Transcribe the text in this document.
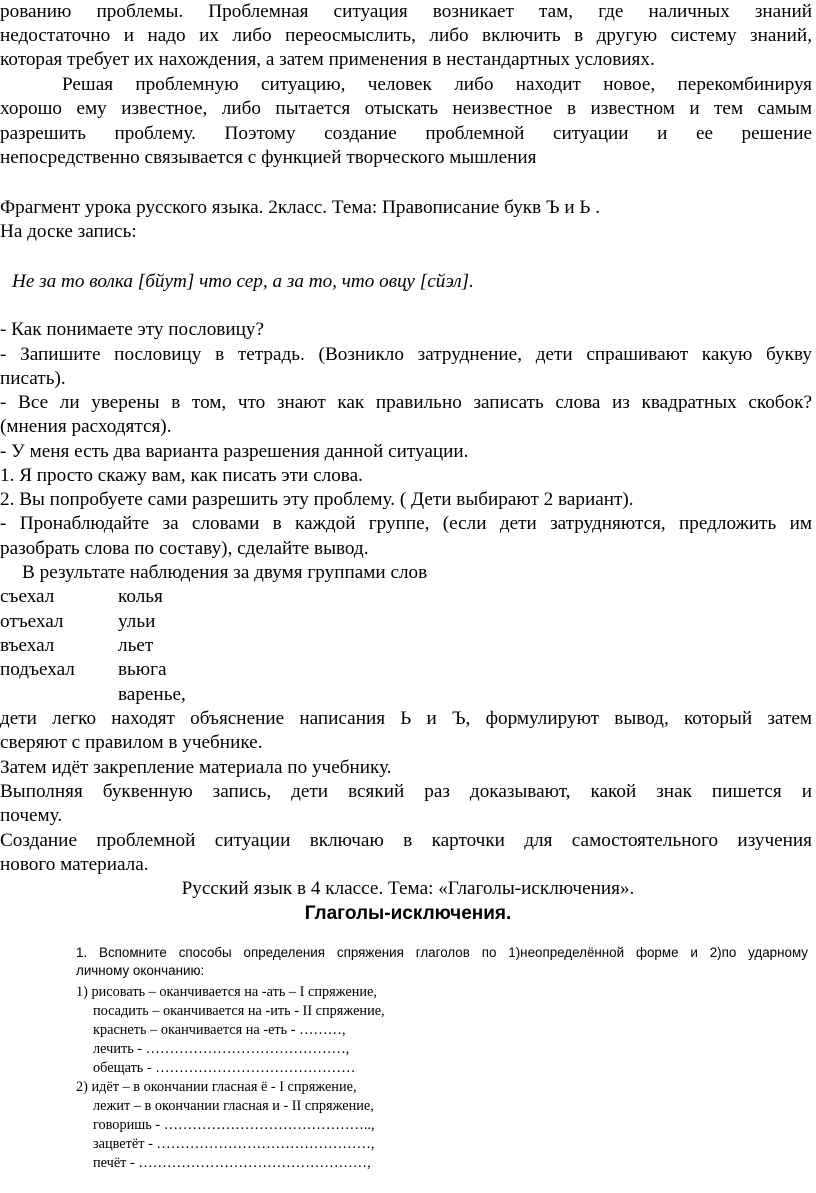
рованию проблемы. Проблемная ситуация возникает там, где наличных знаний
недостаточно и надо их либо переосмыслить, либо включить в другую систему знаний,
которая требует их нахождения, а затем применения в нестандартных условиях.
Решая проблемную ситуацию, человек либо находит новое, перекомбинируя
хорошо ему известное, либо пытается отыскать неизвестное в известном и тем самым
разрешить проблему. Поэтому создание проблемной ситуации и ее решение
непосредственно связывается с функцией творческого мышления
Фрагмент урока русского языка. 2класс. Тема: Правописание букв Ъ и Ь .
На доске запись:
Не за то волка [бйут] что сер, а за то, что овцу [сйэл].
- Как понимаете эту пословицу?
- Запишите пословицу в тетрадь. (Возникло затруднение, дети спрашивают какую букву
писать).
- Все ли уверены в том, что знают как правильно записать слова из квадратных скобок?
(мнения расходятся).
- У меня есть два варианта разрешения данной ситуации.
1. Я просто скажу вам, как писать эти слова.
2. Вы попробуете сами разрешить эту проблему. ( Дети выбирают 2 вариант).
- Пронаблюдайте за словами в каждой группе, (если дети затрудняются, предложить им
разобрать слова по составу), сделайте вывод.
В результате наблюдения за двумя группами слов
съехал
отъехал
въехал
подъехал
колья
ульи
льет
вьюга
варенье,
дети легко находят объяснение написания Ь и Ъ, формулируют вывод, который затем
сверяют с правилом в учебнике.
Затем идёт закрепление материала по учебнику.
Выполняя буквенную запись, дети всякий раз доказывают, какой знак пишется и
почему.
Создание проблемной ситуации включаю в карточки для самостоятельного изучения
нового материала.
Русский язык в 4 классе. Тема: «Глаголы-исключения».
Глаголы-исключения.
1. Вспомните способы определения спряжения глаголов по 1)неопределённой форме и 2)по ударному
личному окончанию:
1) рисовать – оканчивается на -ать – I спряжение,
посадить – оканчивается на -ить - II спряжение,
краснеть – оканчивается на -еть - ………,
лечить - ……………………………………,
обещать - ……………………………………
2) идёт – в окончании гласная ё - I спряжение,
лежит – в окончании гласная и - II спряжение,
говоришь - ……………………………………..,
зацветёт - ………………………………………,
печёт - …………………………………………,
